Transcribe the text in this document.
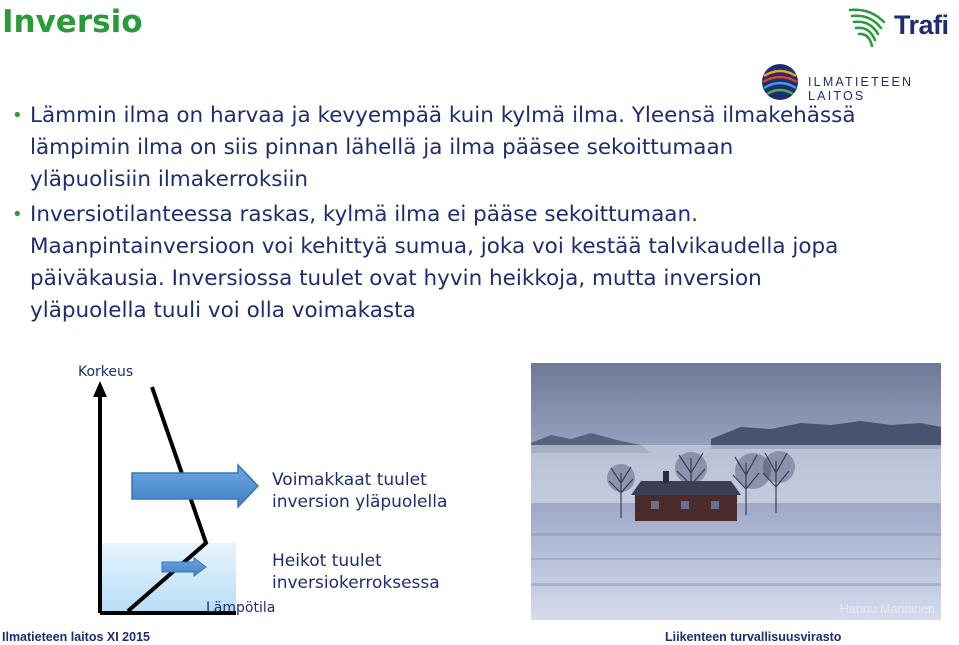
Inversio	Trafi
ILMATIETEEN LAITOS
• Lämmin ilma on harvaa ja kevyempää kuin kylmä ilma. Yleensä ilmakehässä lämpimin ilma on siis pinnan lähellä ja ilma pääsee sekoittumaan yläpuolisiin ilmakerroksiin
• Inversiotilanteessa raskas, kylmä ilma ei pääse sekoittumaan. Maanpintainversioon voi kehittyä sumua, joka voi kestää talvikaudella jopa päiväkausia. Inversiossa tuulet ovat hyvin heikkoja, mutta inversion yläpuolella tuuli voi olla voimakasta
Korkeus
Lämpötila
Voimakkaat tuulet
inversion yläpuolella
Heikot tuulet
inversiokerroksessa
Hannu Manninen
Ilmatieteen laitos XI 2015	Liikenteen turvallisuusvirasto
